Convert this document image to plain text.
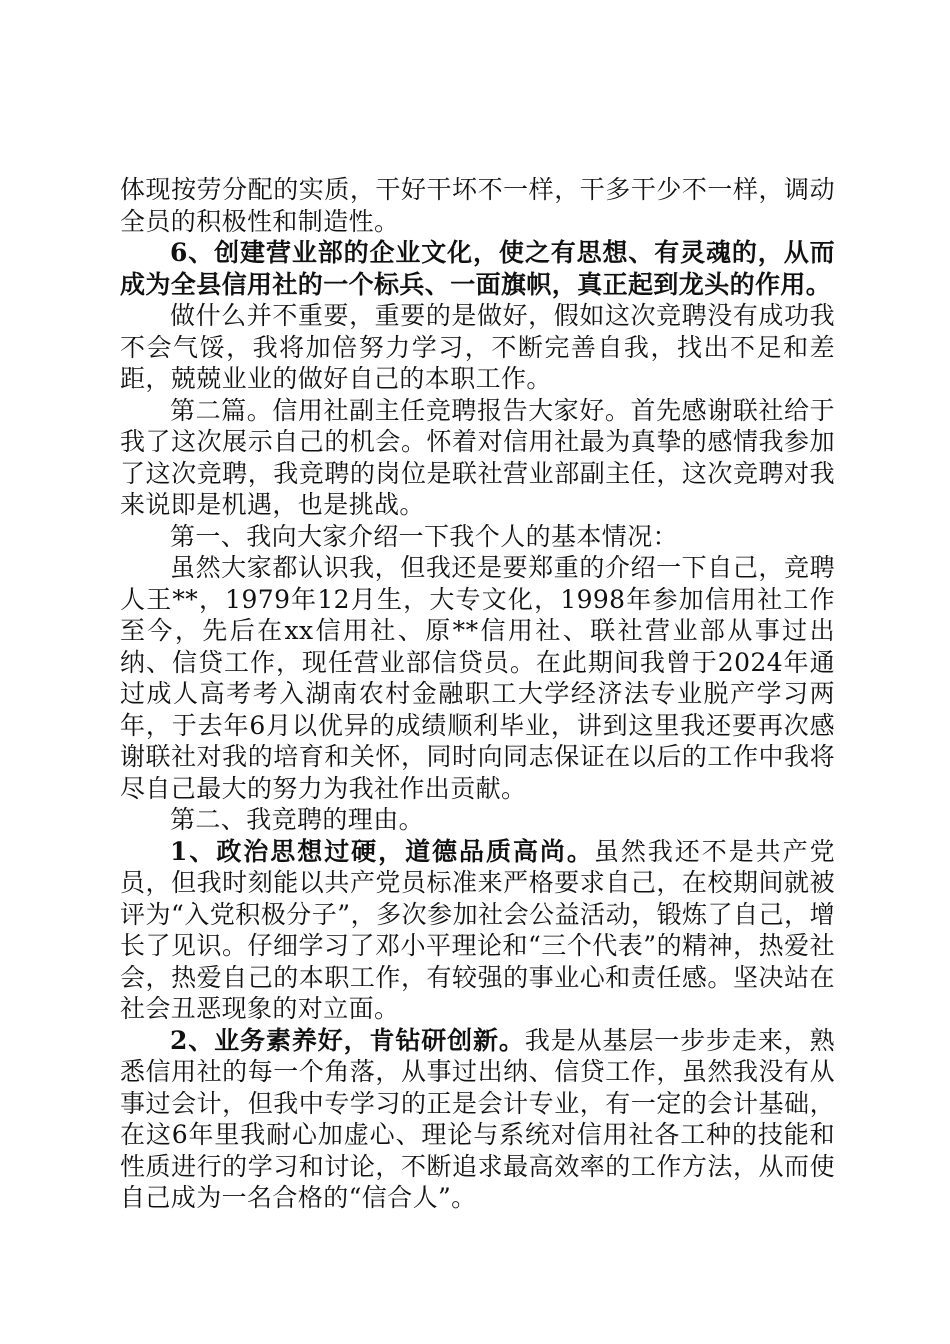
体现按劳分配的实质，干好干坏不一样，干多干少不一样，调动全员的积极性和制造性。

6、创建营业部的企业文化，使之有思想、有灵魂的，从而成为全县信用社的一个标兵、一面旗帜，真正起到龙头的作用。

做什么并不重要，重要的是做好，假如这次竞聘没有成功我不会气馁，我将加倍努力学习，不断完善自我，找出不足和差距，兢兢业业的做好自己的本职工作。

第二篇。信用社副主任竞聘报告大家好。首先感谢联社给于我了这次展示自己的机会。怀着对信用社最为真挚的感情我参加了这次竞聘，我竞聘的岗位是联社营业部副主任，这次竞聘对我来说即是机遇，也是挑战。

第一、我向大家介绍一下我个人的基本情况：

虽然大家都认识我，但我还是要郑重的介绍一下自己，竞聘人王**，1979年12月生，大专文化，1998年参加信用社工作至今，先后在xx信用社、原**信用社、联社营业部从事过出纳、信贷工作，现任营业部信贷员。在此期间我曾于2024年通过成人高考考入湖南农村金融职工大学经济法专业脱产学习两年，于去年6月以优异的成绩顺利毕业，讲到这里我还要再次感谢联社对我的培育和关怀，同时向同志保证在以后的工作中我将尽自己最大的努力为我社作出贡献。

第二、我竞聘的理由。

1、政治思想过硬，道德品质高尚。虽然我还不是共产党员，但我时刻能以共产党员标准来严格要求自己，在校期间就被评为“入党积极分子”，多次参加社会公益活动，锻炼了自己，增长了见识。仔细学习了邓小平理论和“三个代表”的精神，热爱社会，热爱自己的本职工作，有较强的事业心和责任感。坚决站在社会丑恶现象的对立面。

2、业务素养好，肯钻研创新。我是从基层一步步走来，熟悉信用社的每一个角落，从事过出纳、信贷工作，虽然我没有从事过会计，但我中专学习的正是会计专业，有一定的会计基础，在这6年里我耐心加虚心、理论与系统对信用社各工种的技能和性质进行的学习和讨论，不断追求最高效率的工作方法，从而使自己成为一名合格的“信合人”。
